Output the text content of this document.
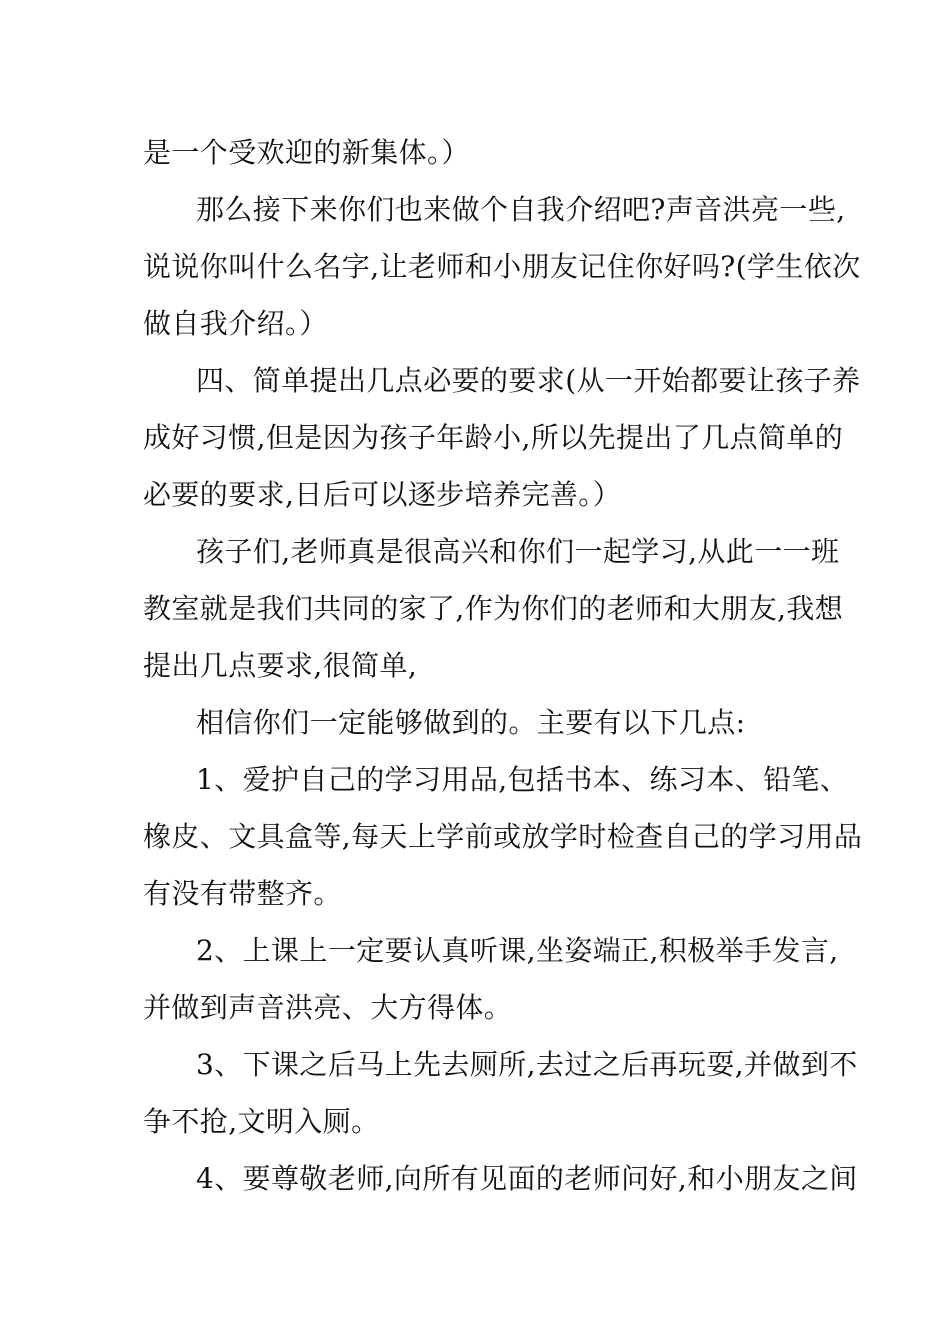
是一个受欢迎的新集体。）

那么接下来你们也来做个自我介绍吧?声音洪亮一些,

说说你叫什么名字,让老师和小朋友记住你好吗?(学生依次

做自我介绍。）

四、简单提出几点必要的要求(从一开始都要让孩子养

成好习惯,但是因为孩子年龄小,所以先提出了几点简单的

必要的要求,日后可以逐步培养完善。）

孩子们,老师真是很高兴和你们一起学习,从此一一班

教室就是我们共同的家了,作为你们的老师和大朋友,我想

提出几点要求,很简单,

相信你们一定能够做到的。主要有以下几点:

1、爱护自己的学习用品,包括书本、练习本、铅笔、

橡皮、文具盒等,每天上学前或放学时检查自己的学习用品

有没有带整齐。

2、上课上一定要认真听课,坐姿端正,积极举手发言,

并做到声音洪亮、大方得体。

3、下课之后马上先去厕所,去过之后再玩耍,并做到不

争不抢,文明入厕。

4、要尊敬老师,向所有见面的老师问好,和小朋友之间
